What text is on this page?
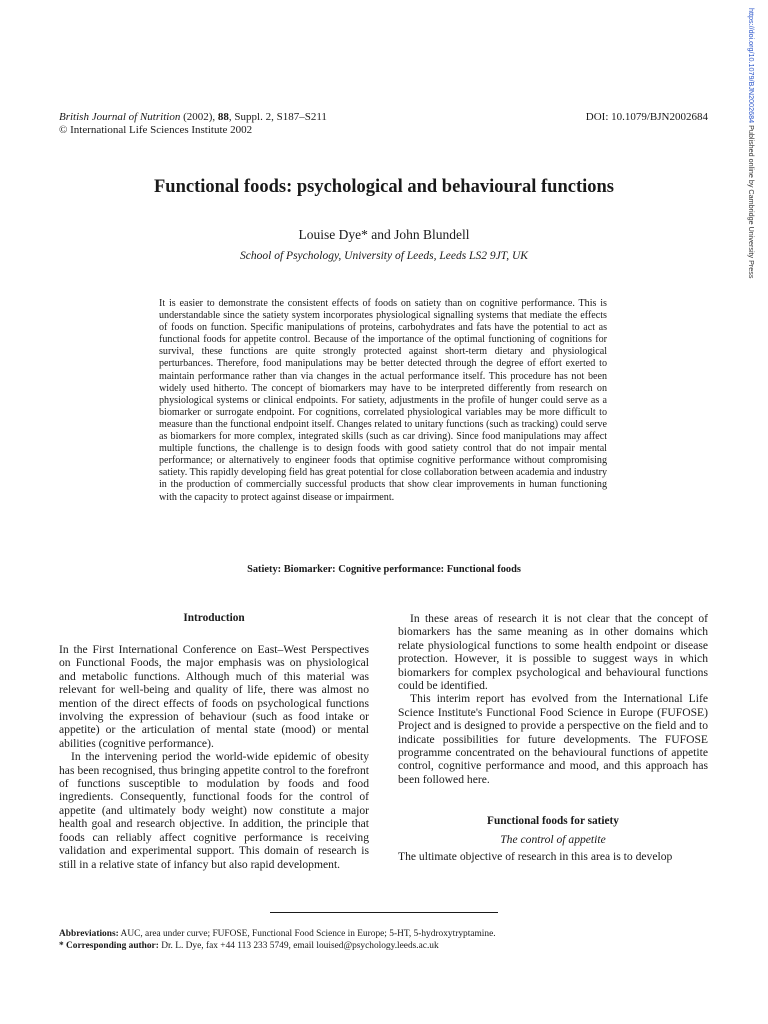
https://doi.org/10.1079/BJN2002684 Published online by Cambridge University Press
British Journal of Nutrition (2002), 88, Suppl. 2, S187–S211
© International Life Sciences Institute 2002
DOI: 10.1079/BJN2002684
Functional foods: psychological and behavioural functions
Louise Dye* and John Blundell
School of Psychology, University of Leeds, Leeds LS2 9JT, UK
It is easier to demonstrate the consistent effects of foods on satiety than on cognitive performance. This is understandable since the satiety system incorporates physiological signalling systems that mediate the effects of foods on function. Specific manipulations of proteins, carbohydrates and fats have the potential to act as functional foods for appetite control. Because of the importance of the optimal functioning of cognitions for survival, these functions are quite strongly protected against short-term dietary and physiological perturbances. Therefore, food manipulations may be better detected through the degree of effort exerted to maintain performance rather than via changes in the actual performance itself. This procedure has not been widely used hitherto. The concept of biomarkers may have to be interpreted differently from research on physiological systems or clinical endpoints. For satiety, adjustments in the profile of hunger could serve as a biomarker or surrogate endpoint. For cognitions, correlated physiological variables may be more difficult to measure than the functional endpoint itself. Changes related to unitary functions (such as tracking) could serve as biomarkers for more complex, integrated skills (such as car driving). Since food manipulations may affect multiple functions, the challenge is to design foods with good satiety control that do not impair mental performance; or alternatively to engineer foods that optimise cognitive performance without compromising satiety. This rapidly developing field has great potential for close collaboration between academia and industry in the production of commercially successful products that show clear improvements in human functioning with the capacity to protect against disease or impairment.
Satiety: Biomarker: Cognitive performance: Functional foods
Introduction

In the First International Conference on East–West Perspectives on Functional Foods, the major emphasis was on physiological and metabolic functions. Although much of this material was relevant for well-being and quality of life, there was almost no mention of the direct effects of foods on psychological functions involving the expression of behaviour (such as food intake or appetite) or the articulation of mental state (mood) or mental abilities (cognitive performance).

In the intervening period the world-wide epidemic of obesity has been recognised, thus bringing appetite control to the forefront of functions susceptible to modulation by foods and food ingredients. Consequently, functional foods for the control of appetite (and ultimately body weight) now constitute a major health goal and research objective. In addition, the principle that foods can reliably affect cognitive performance is receiving validation and experimental support. This domain of research is still in a relative state of infancy but also rapid development.

In these areas of research it is not clear that the concept of biomarkers has the same meaning as in other domains which relate physiological functions to some health endpoint or disease protection. However, it is possible to suggest ways in which biomarkers for complex psychological and behavioural functions could be identified.

This interim report has evolved from the International Life Science Institute's Functional Food Science in Europe (FUFOSE) Project and is designed to provide a perspective on the field and to indicate possibilities for future developments. The FUFOSE programme concentrated on the behavioural functions of appetite control, cognitive performance and mood, and this approach has been followed here.

Functional foods for satiety
The control of appetite

The ultimate objective of research in this area is to develop

Abbreviations: AUC, area under curve; FUFOSE, Functional Food Science in Europe; 5-HT, 5-hydroxytryptamine.
* Corresponding author: Dr. L. Dye, fax +44 113 233 5749, email louised@psychology.leeds.ac.uk
